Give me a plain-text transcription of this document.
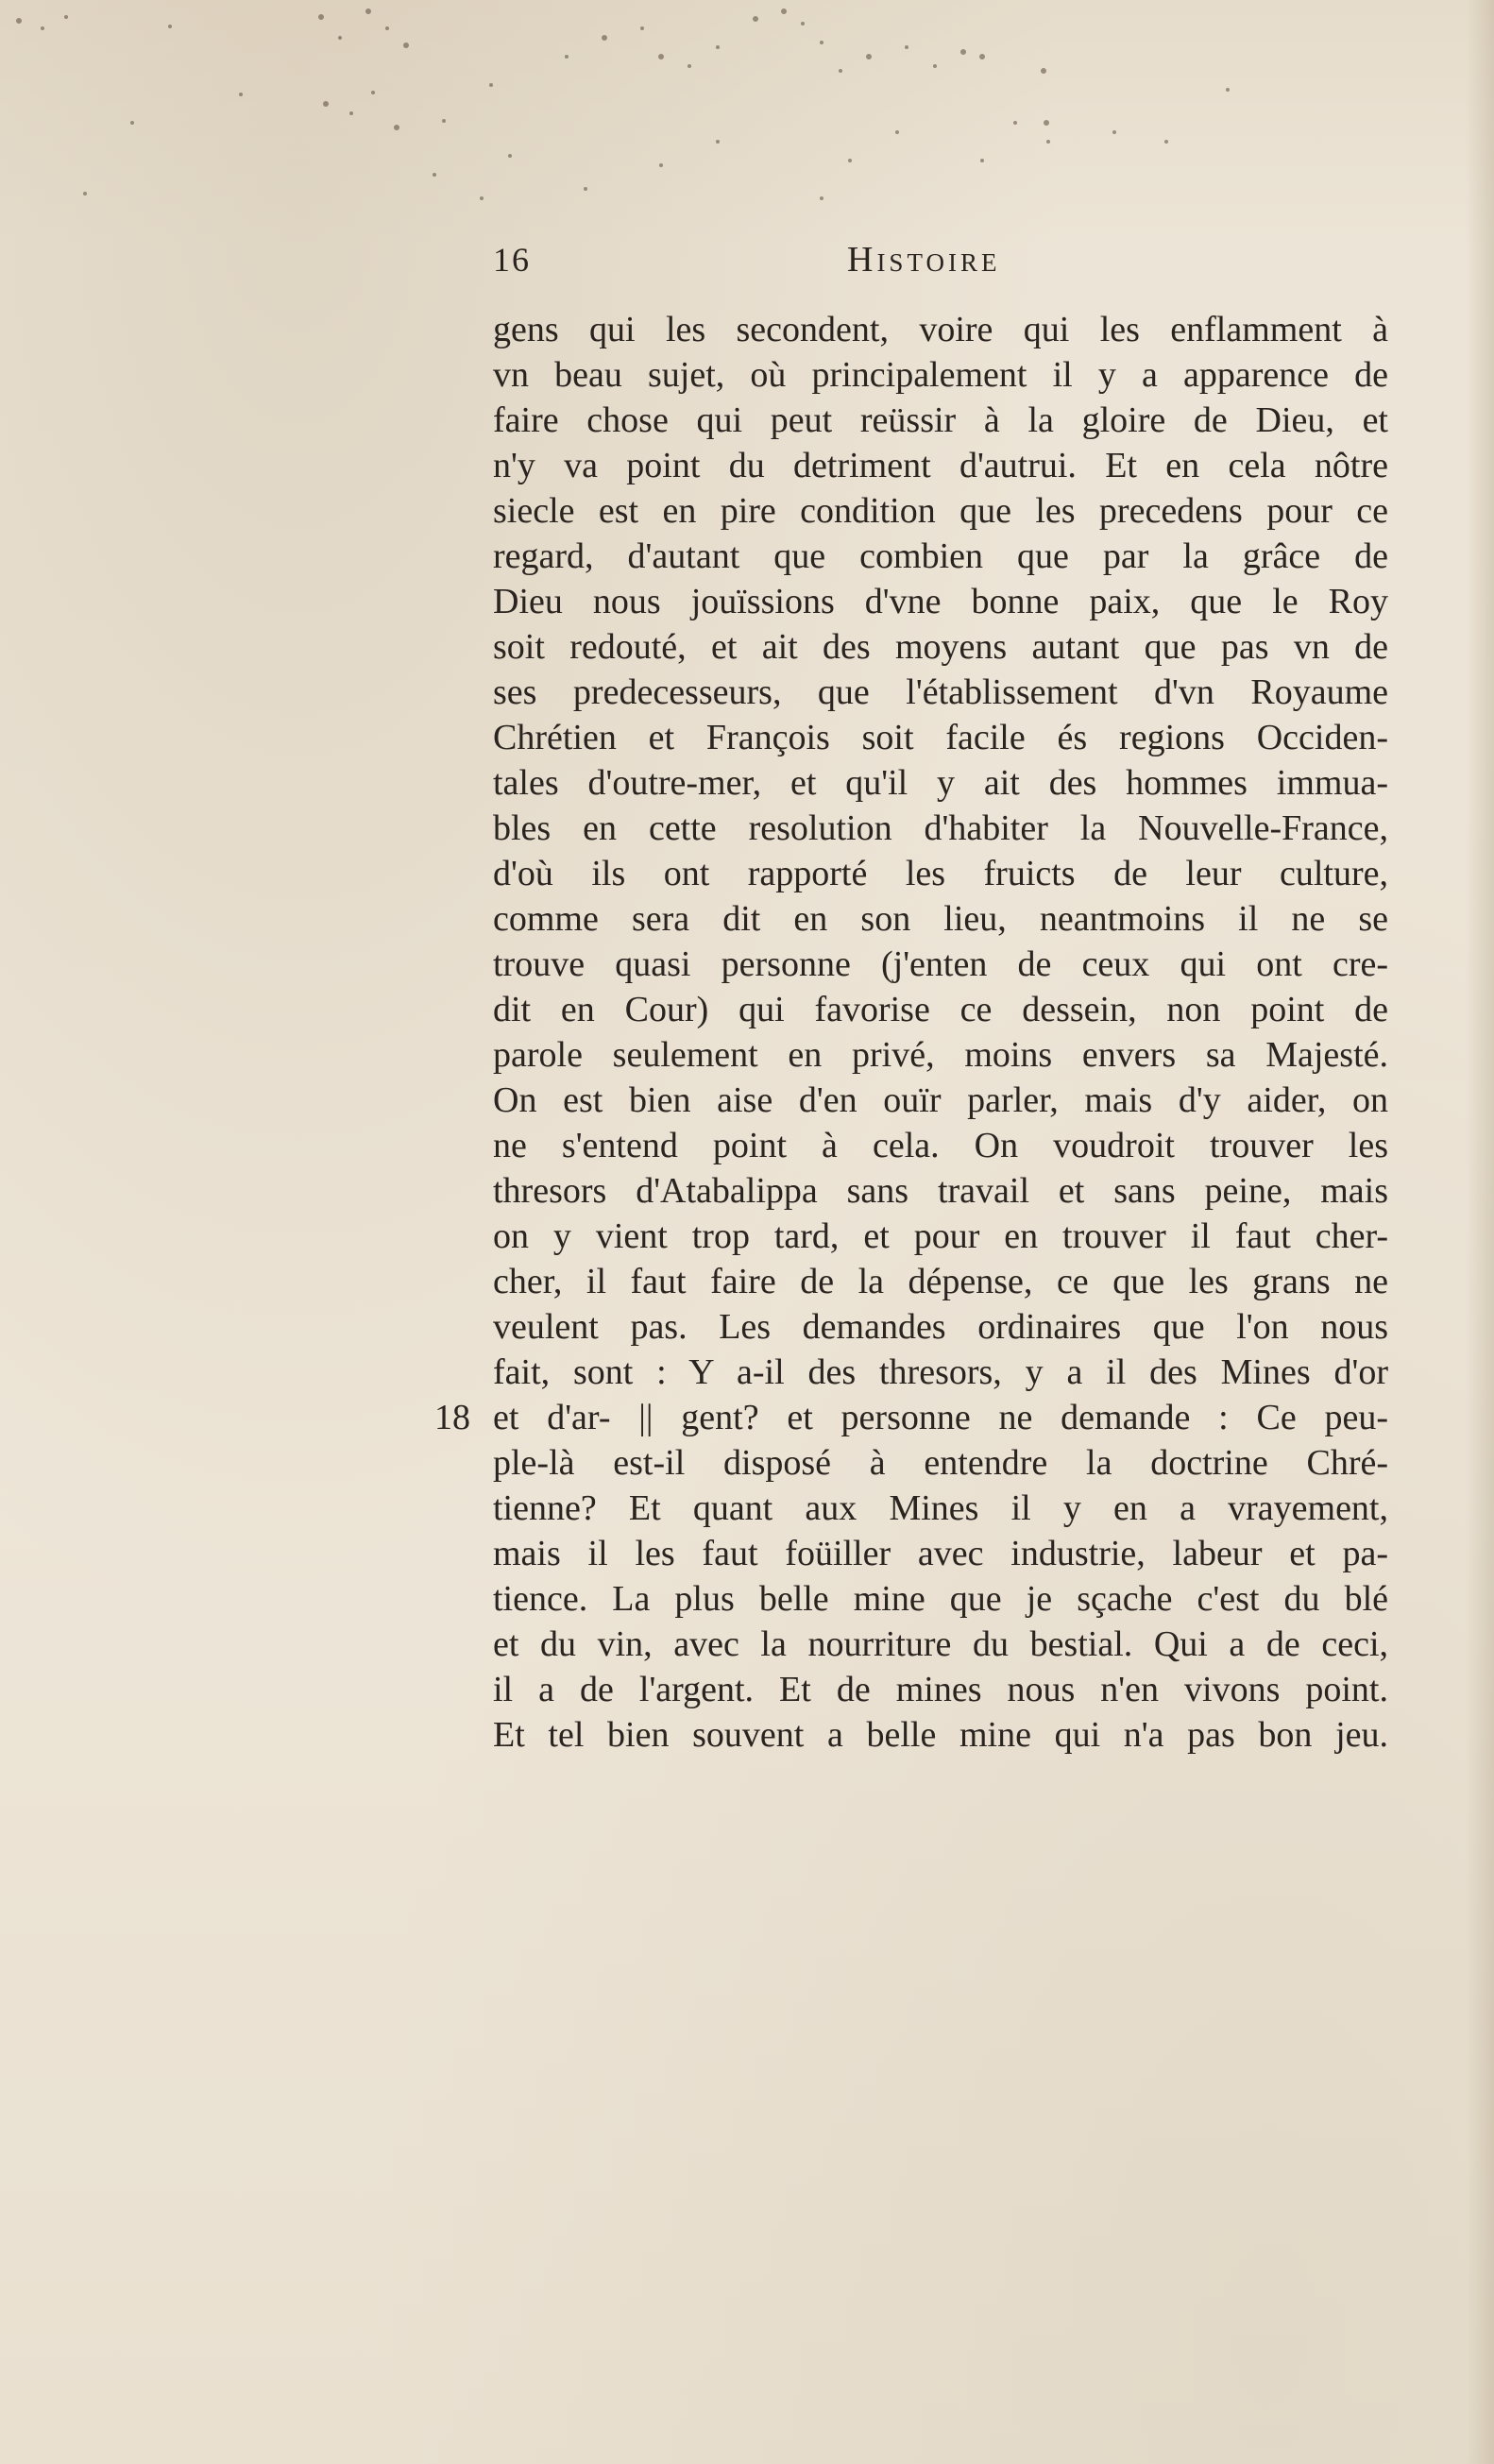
16	Histoire
18
gens qui les secondent, voire qui les enflamment à
vn beau sujet, où principalement il y a apparence de
faire chose qui peut reüssir à la gloire de Dieu, et
n'y va point du detriment d'autrui. Et en cela nôtre
siecle est en pire condition que les precedens pour ce
regard, d'autant que combien que par la grâce de
Dieu nous jouïssions d'vne bonne paix, que le Roy
soit redouté, et ait des moyens autant que pas vn de
ses predecesseurs, que l'établissement d'vn Royaume
Chrétien et François soit facile és regions Occiden-
tales d'outre-mer, et qu'il y ait des hommes immua-
bles en cette resolution d'habiter la Nouvelle-France,
d'où ils ont rapporté les fruicts de leur culture,
comme sera dit en son lieu, neantmoins il ne se
trouve quasi personne (j'enten de ceux qui ont cre-
dit en Cour) qui favorise ce dessein, non point de
parole seulement en privé, moins envers sa Majesté.
On est bien aise d'en ouïr parler, mais d'y aider, on
ne s'entend point à cela. On voudroit trouver les
thresors d'Atabalippa sans travail et sans peine, mais
on y vient trop tard, et pour en trouver il faut cher-
cher, il faut faire de la dépense, ce que les grans ne
veulent pas. Les demandes ordinaires que l'on nous
fait, sont : Y a-il des thresors, y a il des Mines d'or
et d'ar- || gent? et personne ne demande : Ce peu-
ple-là est-il disposé à entendre la doctrine Chré-
tienne? Et quant aux Mines il y en a vrayement,
mais il les faut foüiller avec industrie, labeur et pa-
tience. La plus belle mine que je sçache c'est du blé
et du vin, avec la nourriture du bestial. Qui a de ceci,
il a de l'argent. Et de mines nous n'en vivons point.
Et tel bien souvent a belle mine qui n'a pas bon jeu.
